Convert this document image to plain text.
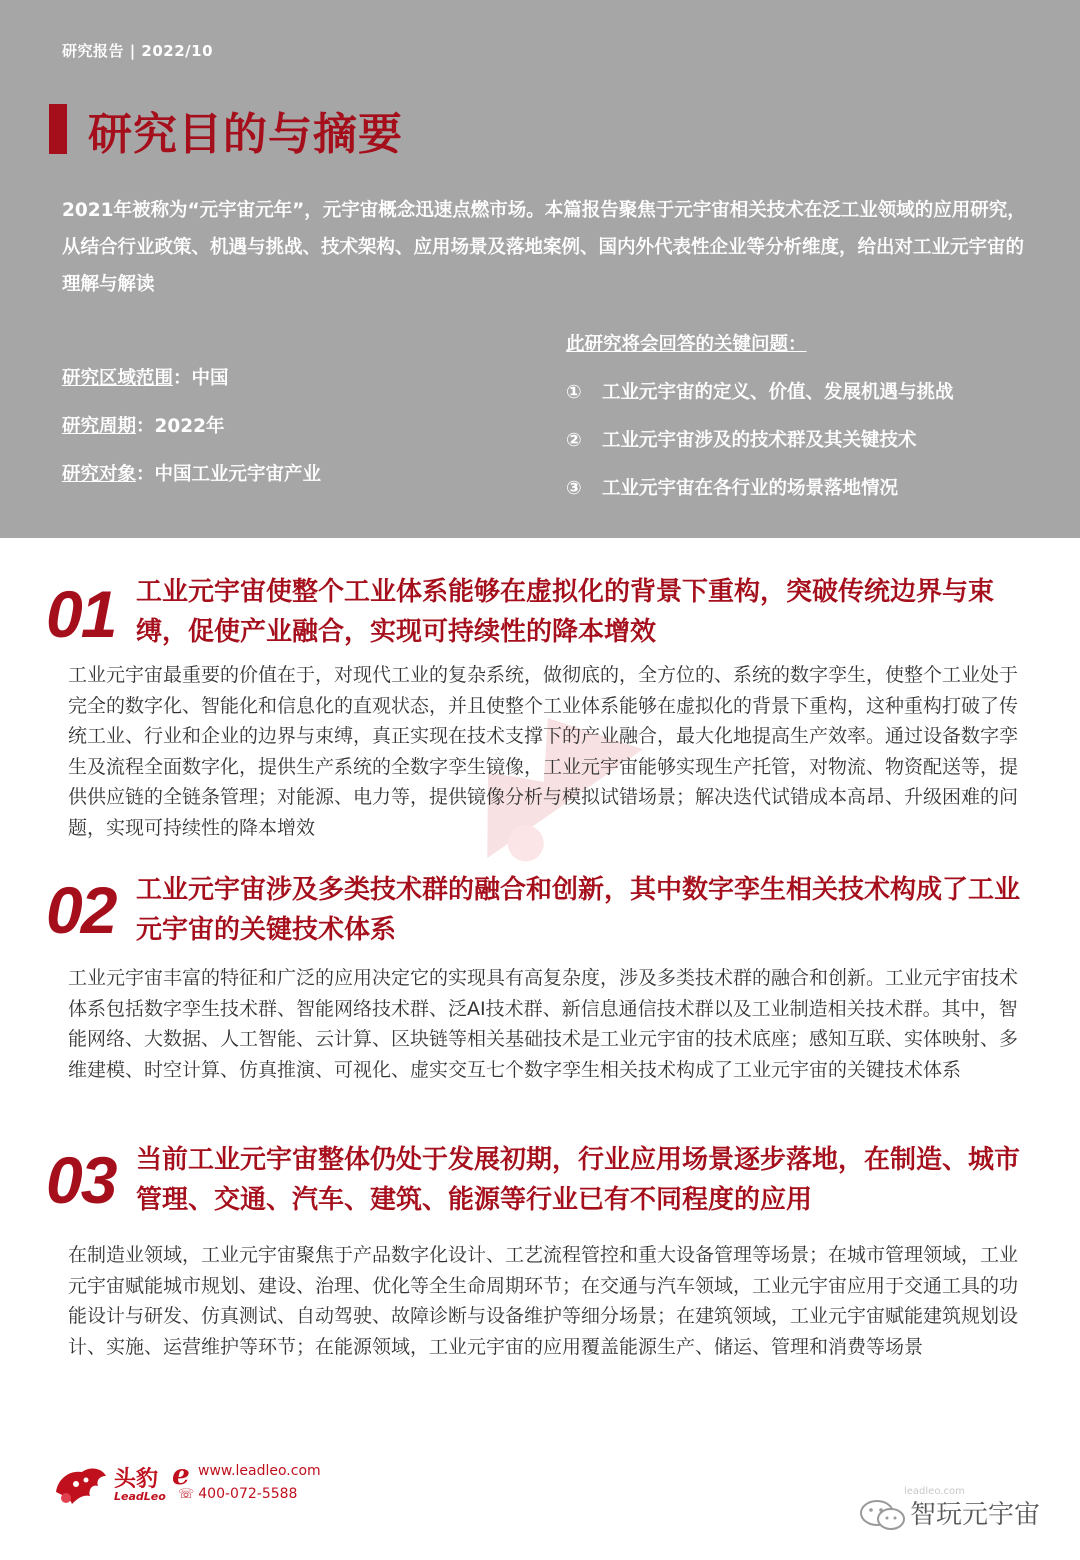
研究报告 | 2022/10
研究目的与摘要
2021年被称为“元宇宙元年”，元宇宙概念迅速点燃市场。本篇报告聚焦于元宇宙相关技术在泛工业领域的应用研究，从结合行业政策、机遇与挑战、技术架构、应用场景及落地案例、国内外代表性企业等分析维度，给出对工业元宇宙的理解与解读
研究区域范围：中国
研究周期：2022年
研究对象：中国工业元宇宙产业
此研究将会回答的关键问题：
① 工业元宇宙的定义、价值、发展机遇与挑战
② 工业元宇宙涉及的技术群及其关键技术
③ 工业元宇宙在各行业的场景落地情况
01 工业元宇宙使整个工业体系能够在虚拟化的背景下重构，突破传统边界与束缚，促使产业融合，实现可持续性的降本增效
工业元宇宙最重要的价值在于，对现代工业的复杂系统，做彻底的，全方位的、系统的数字孪生，使整个工业处于完全的数字化、智能化和信息化的直观状态，并且使整个工业体系能够在虚拟化的背景下重构，这种重构打破了传统工业、行业和企业的边界与束缚，真正实现在技术支撑下的产业融合，最大化地提高生产效率。通过设备数字孪生及流程全面数字化，提供生产系统的全数字孪生镜像，工业元宇宙能够实现生产托管，对物流、物资配送等，提供供应链的全链条管理；对能源、电力等，提供镜像分析与模拟试错场景；解决迭代试错成本高昂、升级困难的问题，实现可持续性的降本增效
02 工业元宇宙涉及多类技术群的融合和创新，其中数字孪生相关技术构成了工业元宇宙的关键技术体系
工业元宇宙丰富的特征和广泛的应用决定它的实现具有高复杂度，涉及多类技术群的融合和创新。工业元宇宙技术体系包括数字孪生技术群、智能网络技术群、泛AI技术群、新信息通信技术群以及工业制造相关技术群。其中，智能网络、大数据、人工智能、云计算、区块链等相关基础技术是工业元宇宙的技术底座；感知互联、实体映射、多维建模、时空计算、仿真推演、可视化、虚实交互七个数字孪生相关技术构成了工业元宇宙的关键技术体系
03 当前工业元宇宙整体仍处于发展初期，行业应用场景逐步落地，在制造、城市管理、交通、汽车、建筑、能源等行业已有不同程度的应用
在制造业领域，工业元宇宙聚焦于产品数字化设计、工艺流程管控和重大设备管理等场景；在城市管理领域，工业元宇宙赋能城市规划、建设、治理、优化等全生命周期环节；在交通与汽车领域，工业元宇宙应用于交通工具的功能设计与研发、仿真测试、自动驾驶、故障诊断与设备维护等细分场景；在建筑领域，工业元宇宙赋能建筑规划设计、实施、运营维护等环节；在能源领域，工业元宇宙的应用覆盖能源生产、储运、管理和消费等场景
头豹
LeadLeo
e www.leadleo.com
☏ 400-072-5588	leadleo.com
智玩元宇宙
